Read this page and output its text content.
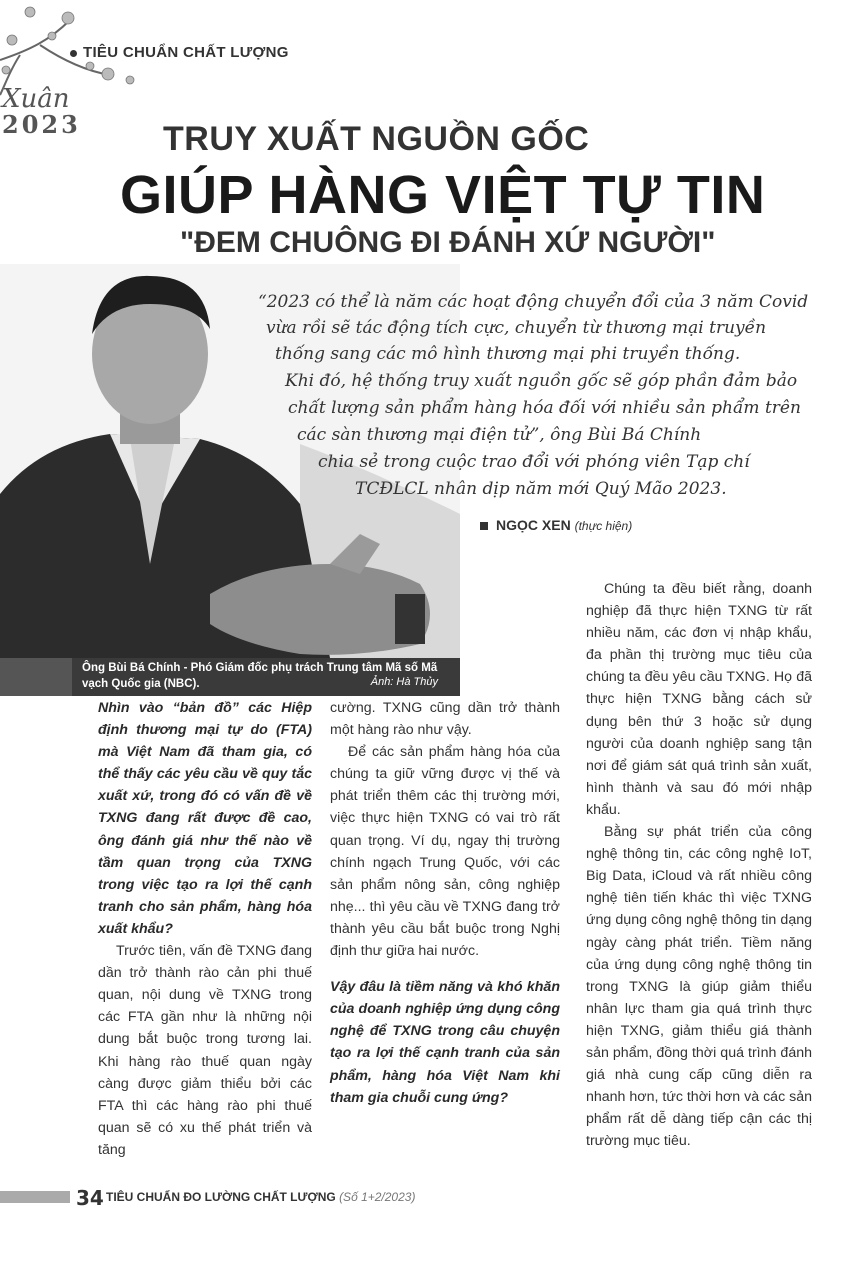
Xuân
2023
TIÊU CHUẨN CHẤT LƯỢNG
TRUY XUẤT NGUỒN GỐC
GIÚP HÀNG VIỆT TỰ TIN
"ĐEM CHUÔNG ĐI ĐÁNH XỨ NGƯỜI"
Ông Bùi Bá Chính - Phó Giám đốc phụ trách Trung tâm Mã số Mã vạch Quốc gia (NBC).	Ảnh: Hà Thủy
“2023 có thể là năm các hoạt động chuyển đổi của 3 năm Covid
vừa rồi sẽ tác động tích cực, chuyển từ thương mại truyền
thống sang các mô hình thương mại phi truyền thống.
Khi đó, hệ thống truy xuất nguồn gốc sẽ góp phần đảm bảo
chất lượng sản phẩm hàng hóa đối với nhiều sản phẩm trên
các sàn thương mại điện tử”, ông Bùi Bá Chính
chia sẻ trong cuộc trao đổi với phóng viên Tạp chí
TCĐLCL nhân dịp năm mới Quý Mão 2023.
NGỌC XEN (thực hiện)

Nhìn vào “bản đồ” các Hiệp định thương mại tự do (FTA) mà Việt Nam đã tham gia, có thể thấy các yêu cầu về quy tắc xuất xứ, trong đó có vấn đề về TXNG đang rất được đề cao, ông đánh giá như thế nào về tầm quan trọng của TXNG trong việc tạo ra lợi thế cạnh tranh cho sản phẩm, hàng hóa xuất khẩu?

Trước tiên, vấn đề TXNG đang dần trở thành rào cản phi thuế quan, nội dung về TXNG trong các FTA gần như là những nội dung bắt buộc trong tương lai. Khi hàng rào thuế quan ngày càng được giảm thiểu bởi các FTA thì các hàng rào phi thuế quan sẽ có xu thế phát triển và tăng

cường. TXNG cũng dần trở thành một hàng rào như vậy.

Để các sản phẩm hàng hóa của chúng ta giữ vững được vị thế và phát triển thêm các thị trường mới, việc thực hiện TXNG có vai trò rất quan trọng. Ví dụ, ngay thị trường chính ngạch Trung Quốc, với các sản phẩm nông sản, công nghiệp nhẹ... thì yêu cầu về TXNG đang trở thành yêu cầu bắt buộc trong Nghị định thư giữa hai nước.

Vậy đâu là tiềm năng và khó khăn của doanh nghiệp ứng dụng công nghệ để TXNG trong câu chuyện tạo ra lợi thế cạnh tranh của sản phẩm, hàng hóa Việt Nam khi tham gia chuỗi cung ứng?

Chúng ta đều biết rằng, doanh nghiệp đã thực hiện TXNG từ rất nhiều năm, các đơn vị nhập khẩu, đa phần thị trường mục tiêu của chúng ta đều yêu cầu TXNG. Họ đã thực hiện TXNG bằng cách sử dụng bên thứ 3 hoặc sử dụng người của doanh nghiệp sang tận nơi để giám sát quá trình sản xuất, hình thành và sau đó mới nhập khẩu.

Bằng sự phát triển của công nghệ thông tin, các công nghệ IoT, Big Data, iCloud và rất nhiều công nghệ tiên tiến khác thì việc TXNG ứng dụng công nghệ thông tin dạng ngày càng phát triển. Tiềm năng của ứng dụng công nghệ thông tin trong TXNG là giúp giảm thiểu nhân lực tham gia quá trình thực hiện TXNG, giảm thiểu giá thành sản phẩm, đồng thời quá trình đánh giá nhà cung cấp cũng diễn ra nhanh hơn, tức thời hơn và các sản phẩm rất dễ dàng tiếp cận các thị trường mục tiêu.

34 TIÊU CHUẨN ĐO LƯỜNG CHẤT LƯỢNG (Số 1+2/2023)
